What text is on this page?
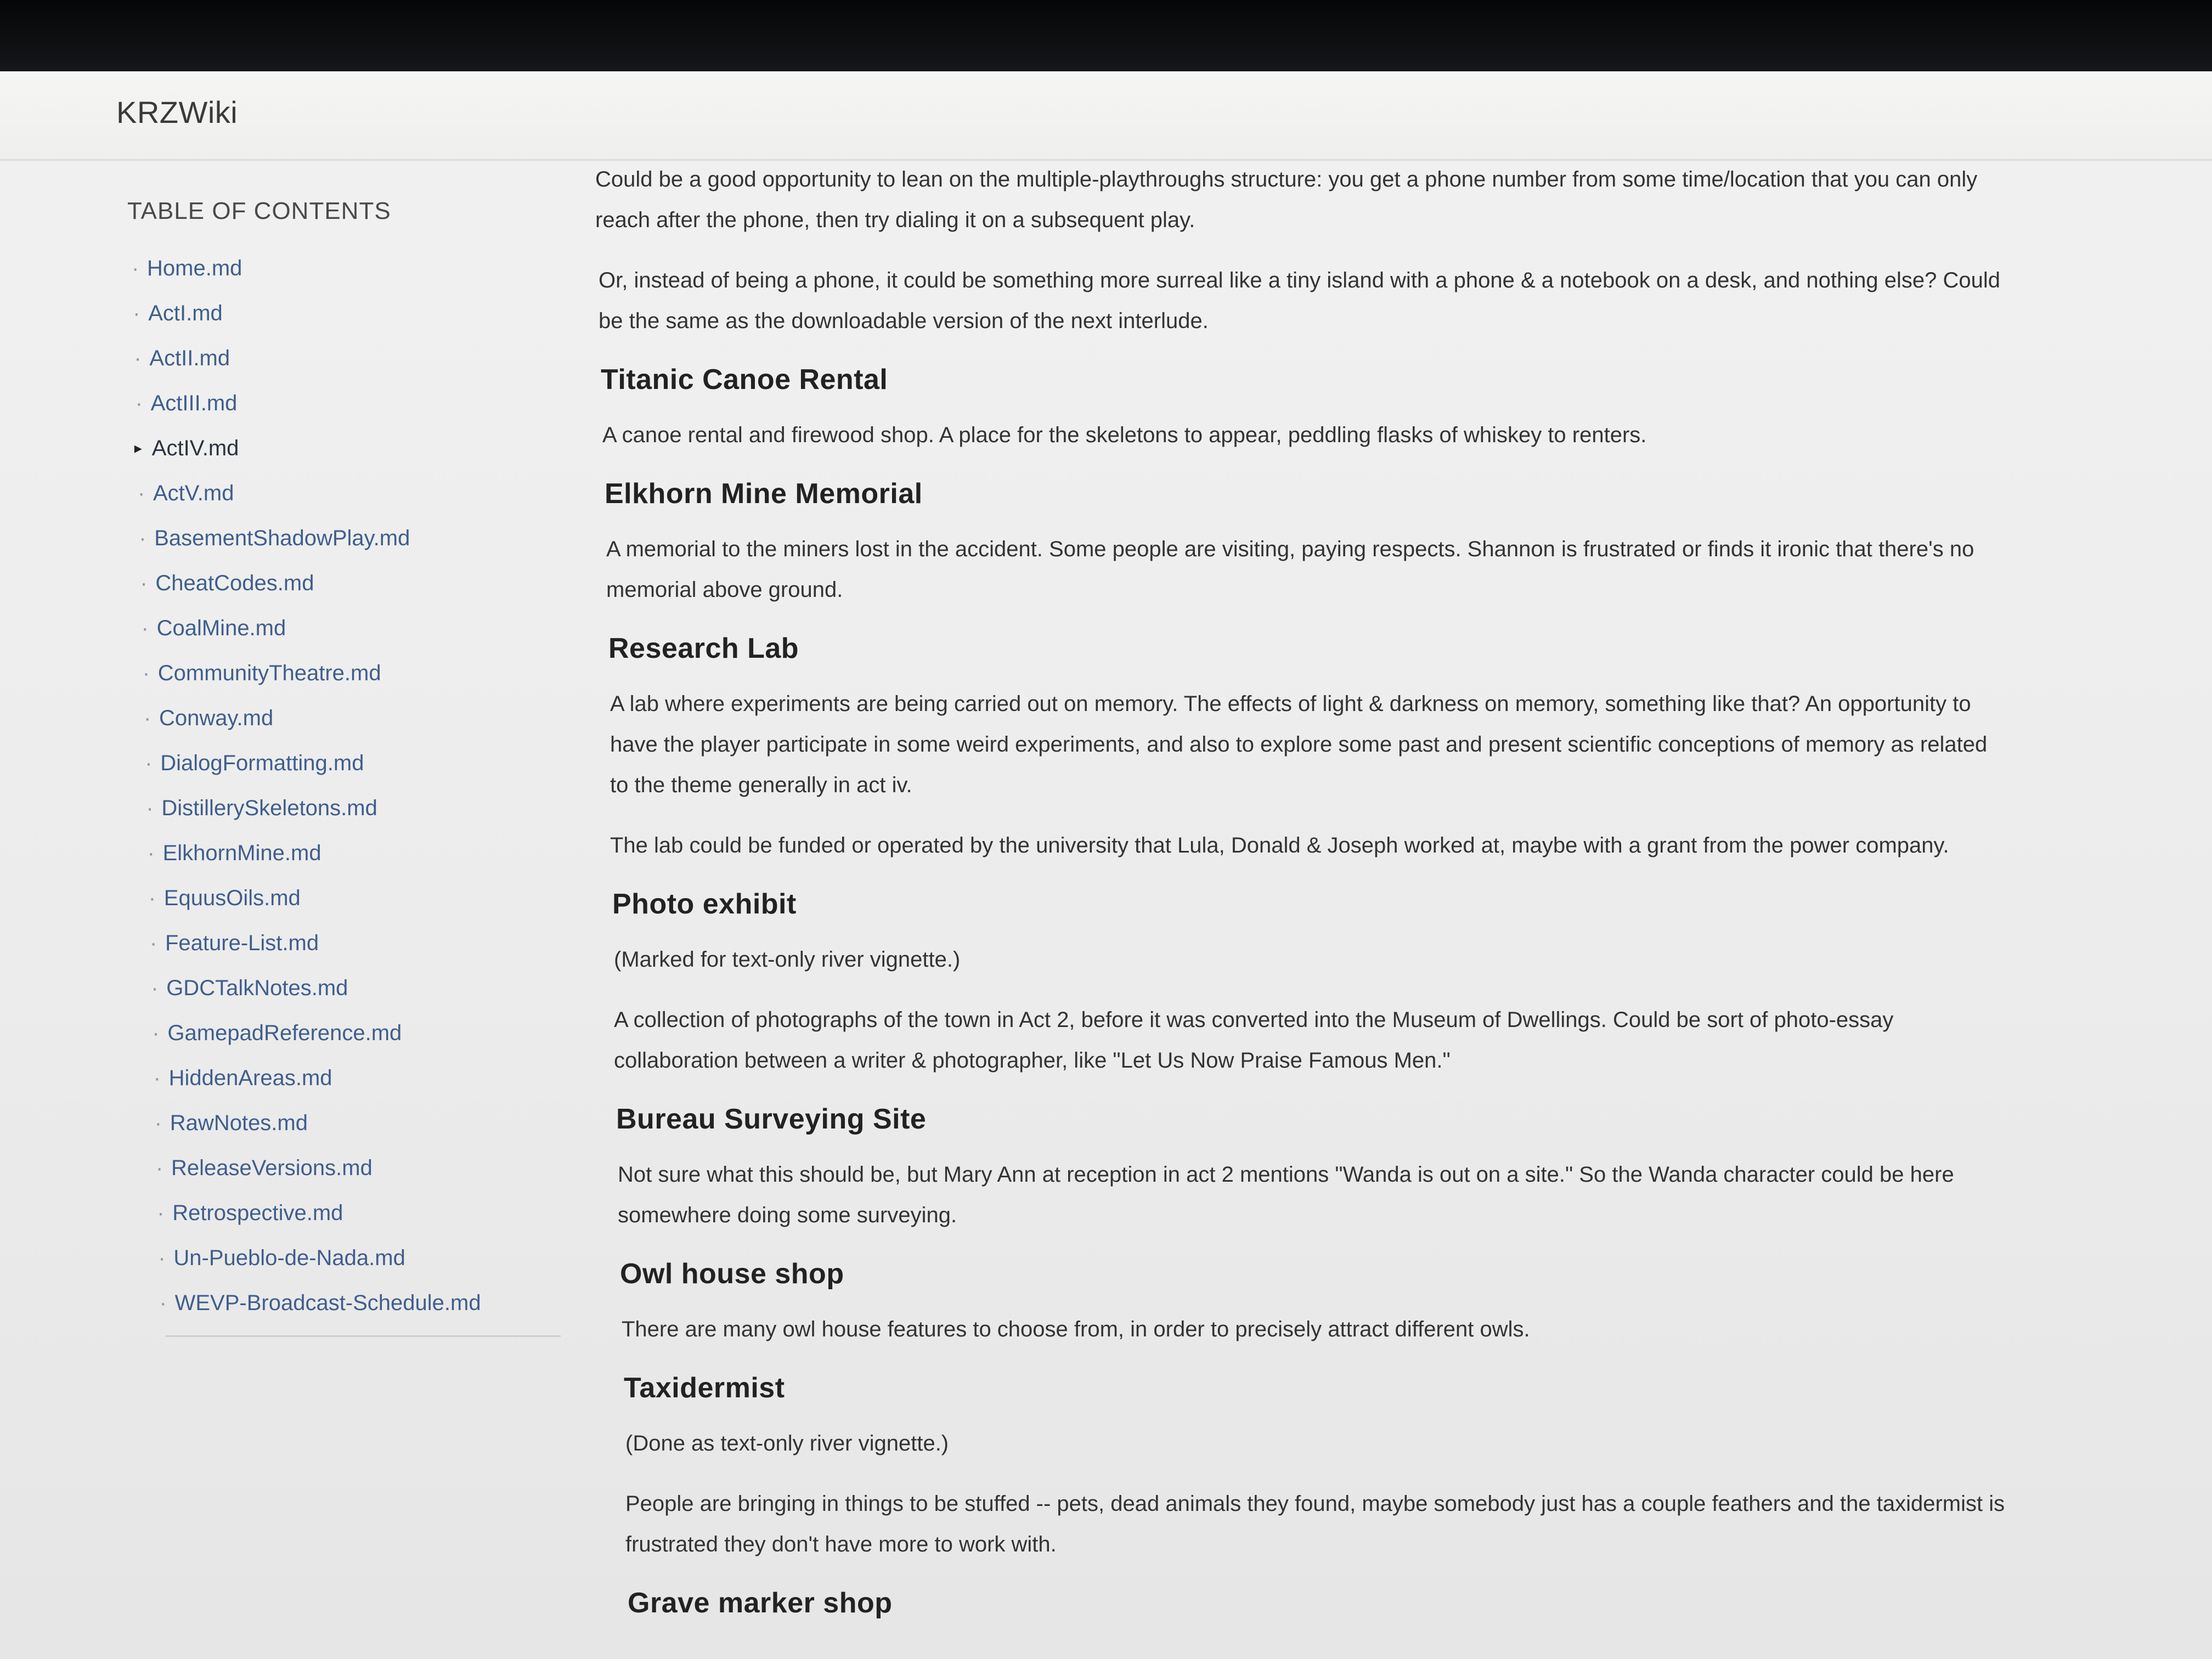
KRZWiki
TABLE OF CONTENTS
· Home.md
· ActI.md
· ActII.md
· ActIII.md
▸ ActIV.md
· ActV.md
· BasementShadowPlay.md
· CheatCodes.md
· CoalMine.md
· CommunityTheatre.md
· Conway.md
· DialogFormatting.md
· DistillerySkeletons.md
· ElkhornMine.md
· EquusOils.md
· Feature-List.md
· GDCTalkNotes.md
· GamepadReference.md
· HiddenAreas.md
· RawNotes.md
· ReleaseVersions.md
· Retrospective.md
· Un-Pueblo-de-Nada.md
· WEVP-Broadcast-Schedule.md

Could be a good opportunity to lean on the multiple-playthroughs structure: you get a phone number from some time/location that you can only reach after the phone, then try dialing it on a subsequent play.

Or, instead of being a phone, it could be something more surreal like a tiny island with a phone & a notebook on a desk, and nothing else? Could be the same as the downloadable version of the next interlude.

Titanic Canoe Rental

A canoe rental and firewood shop. A place for the skeletons to appear, peddling flasks of whiskey to renters.

Elkhorn Mine Memorial

A memorial to the miners lost in the accident. Some people are visiting, paying respects. Shannon is frustrated or finds it ironic that there's no memorial above ground.

Research Lab

A lab where experiments are being carried out on memory. The effects of light & darkness on memory, something like that? An opportunity to have the player participate in some weird experiments, and also to explore some past and present scientific conceptions of memory as related to the theme generally in act iv.

The lab could be funded or operated by the university that Lula, Donald & Joseph worked at, maybe with a grant from the power company.

Photo exhibit

(Marked for text-only river vignette.)

A collection of photographs of the town in Act 2, before it was converted into the Museum of Dwellings. Could be sort of photo-essay collaboration between a writer & photographer, like "Let Us Now Praise Famous Men."

Bureau Surveying Site

Not sure what this should be, but Mary Ann at reception in act 2 mentions "Wanda is out on a site." So the Wanda character could be here somewhere doing some surveying.

Owl house shop

There are many owl house features to choose from, in order to precisely attract different owls.

Taxidermist

(Done as text-only river vignette.)

People are bringing in things to be stuffed -- pets, dead animals they found, maybe somebody just has a couple feathers and the taxidermist is frustrated they don't have more to work with.

Grave marker shop
